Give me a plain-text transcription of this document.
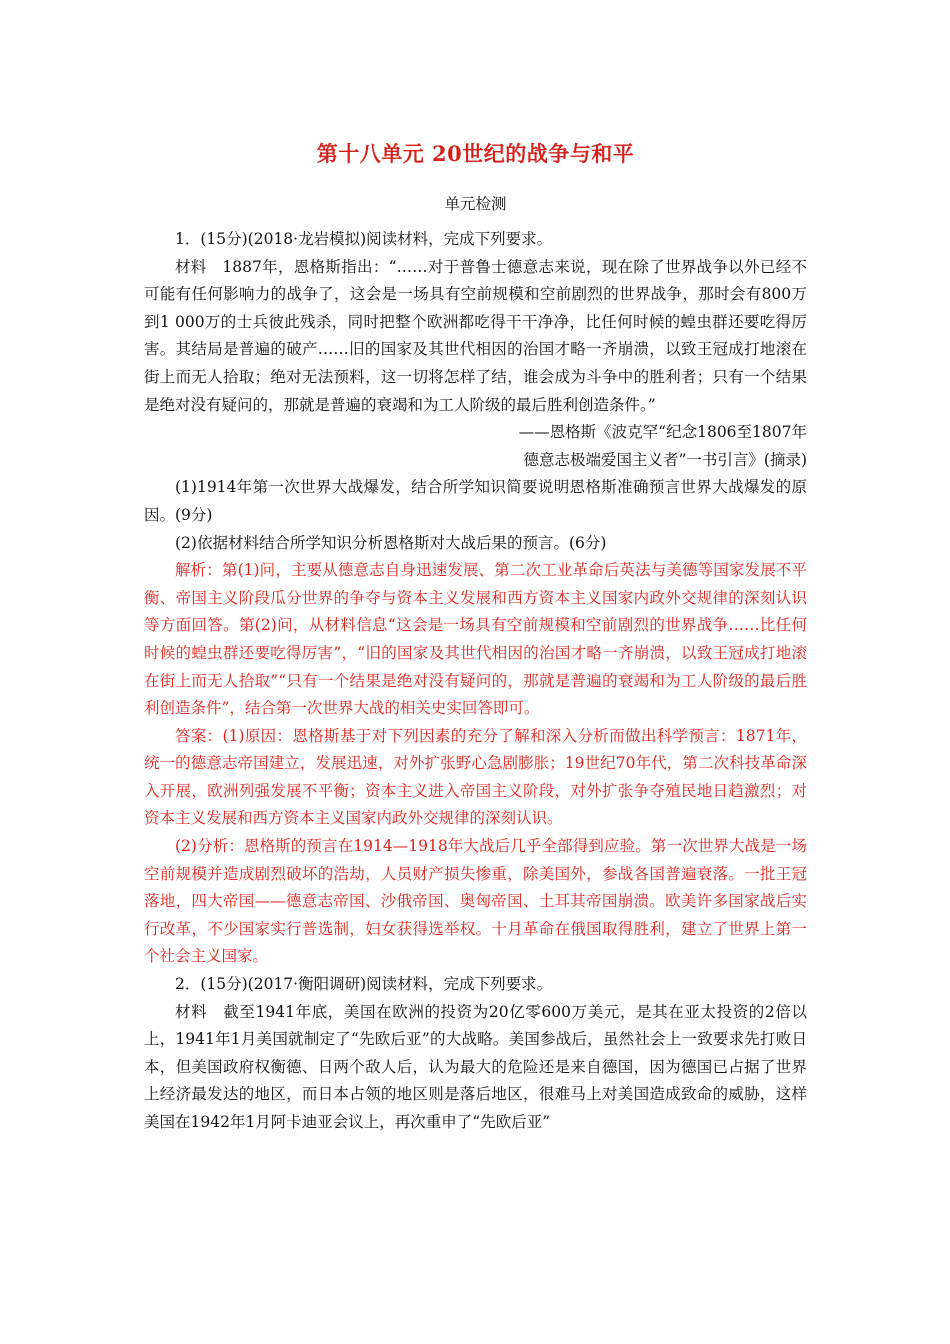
第十八单元 20世纪的战争与和平
单元检测

1．(15分)(2018·龙岩模拟)阅读材料，完成下列要求。

材料　1887年，恩格斯指出：“……对于普鲁士德意志来说，现在除了世界战争以外已经不可能有任何影响力的战争了，这会是一场具有空前规模和空前剧烈的世界战争，那时会有800万到1 000万的士兵彼此残杀，同时把整个欧洲都吃得干干净净，比任何时候的蝗虫群还要吃得厉害。其结局是普遍的破产……旧的国家及其世代相因的治国才略一齐崩溃，以致王冠成打地滚在街上而无人拾取；绝对无法预料，这一切将怎样了结，谁会成为斗争中的胜利者；只有一个结果是绝对没有疑问的，那就是普遍的衰竭和为工人阶级的最后胜利创造条件。”

——恩格斯《波克罕“纪念1806至1807年

德意志极端爱国主义者”一书引言》(摘录)

(1)1914年第一次世界大战爆发，结合所学知识简要说明恩格斯准确预言世界大战爆发的原因。(9分)

(2)依据材料结合所学知识分析恩格斯对大战后果的预言。(6分)

解析：第(1)问，主要从德意志自身迅速发展、第二次工业革命后英法与美德等国家发展不平衡、帝国主义阶段瓜分世界的争夺与资本主义发展和西方资本主义国家内政外交规律的深刻认识等方面回答。第(2)问，从材料信息“这会是一场具有空前规模和空前剧烈的世界战争……比任何时候的蝗虫群还要吃得厉害”，“旧的国家及其世代相因的治国才略一齐崩溃，以致王冠成打地滚在街上而无人拾取”“只有一个结果是绝对没有疑问的，那就是普遍的衰竭和为工人阶级的最后胜利创造条件”，结合第一次世界大战的相关史实回答即可。

答案：(1)原因：恩格斯基于对下列因素的充分了解和深入分析而做出科学预言：1871年，统一的德意志帝国建立，发展迅速，对外扩张野心急剧膨胀；19世纪70年代，第二次科技革命深入开展，欧洲列强发展不平衡；资本主义进入帝国主义阶段，对外扩张争夺殖民地日趋激烈；对资本主义发展和西方资本主义国家内政外交规律的深刻认识。

(2)分析：恩格斯的预言在1914—1918年大战后几乎全部得到应验。第一次世界大战是一场空前规模并造成剧烈破坏的浩劫，人员财产损失惨重，除美国外，参战各国普遍衰落。一批王冠落地，四大帝国——德意志帝国、沙俄帝国、奥匈帝国、土耳其帝国崩溃。欧美许多国家战后实行改革，不少国家实行普选制，妇女获得选举权。十月革命在俄国取得胜利，建立了世界上第一个社会主义国家。

2．(15分)(2017·衡阳调研)阅读材料，完成下列要求。

材料　截至1941年底，美国在欧洲的投资为20亿零600万美元，是其在亚太投资的2倍以上，1941年1月美国就制定了“先欧后亚”的大战略。美国参战后，虽然社会上一致要求先打败日本，但美国政府权衡德、日两个敌人后，认为最大的危险还是来自德国，因为德国已占据了世界上经济最发达的地区，而日本占领的地区则是落后地区，很难马上对美国造成致命的威胁，这样美国在1942年1月阿卡迪亚会议上，再次重申了“先欧后亚”
